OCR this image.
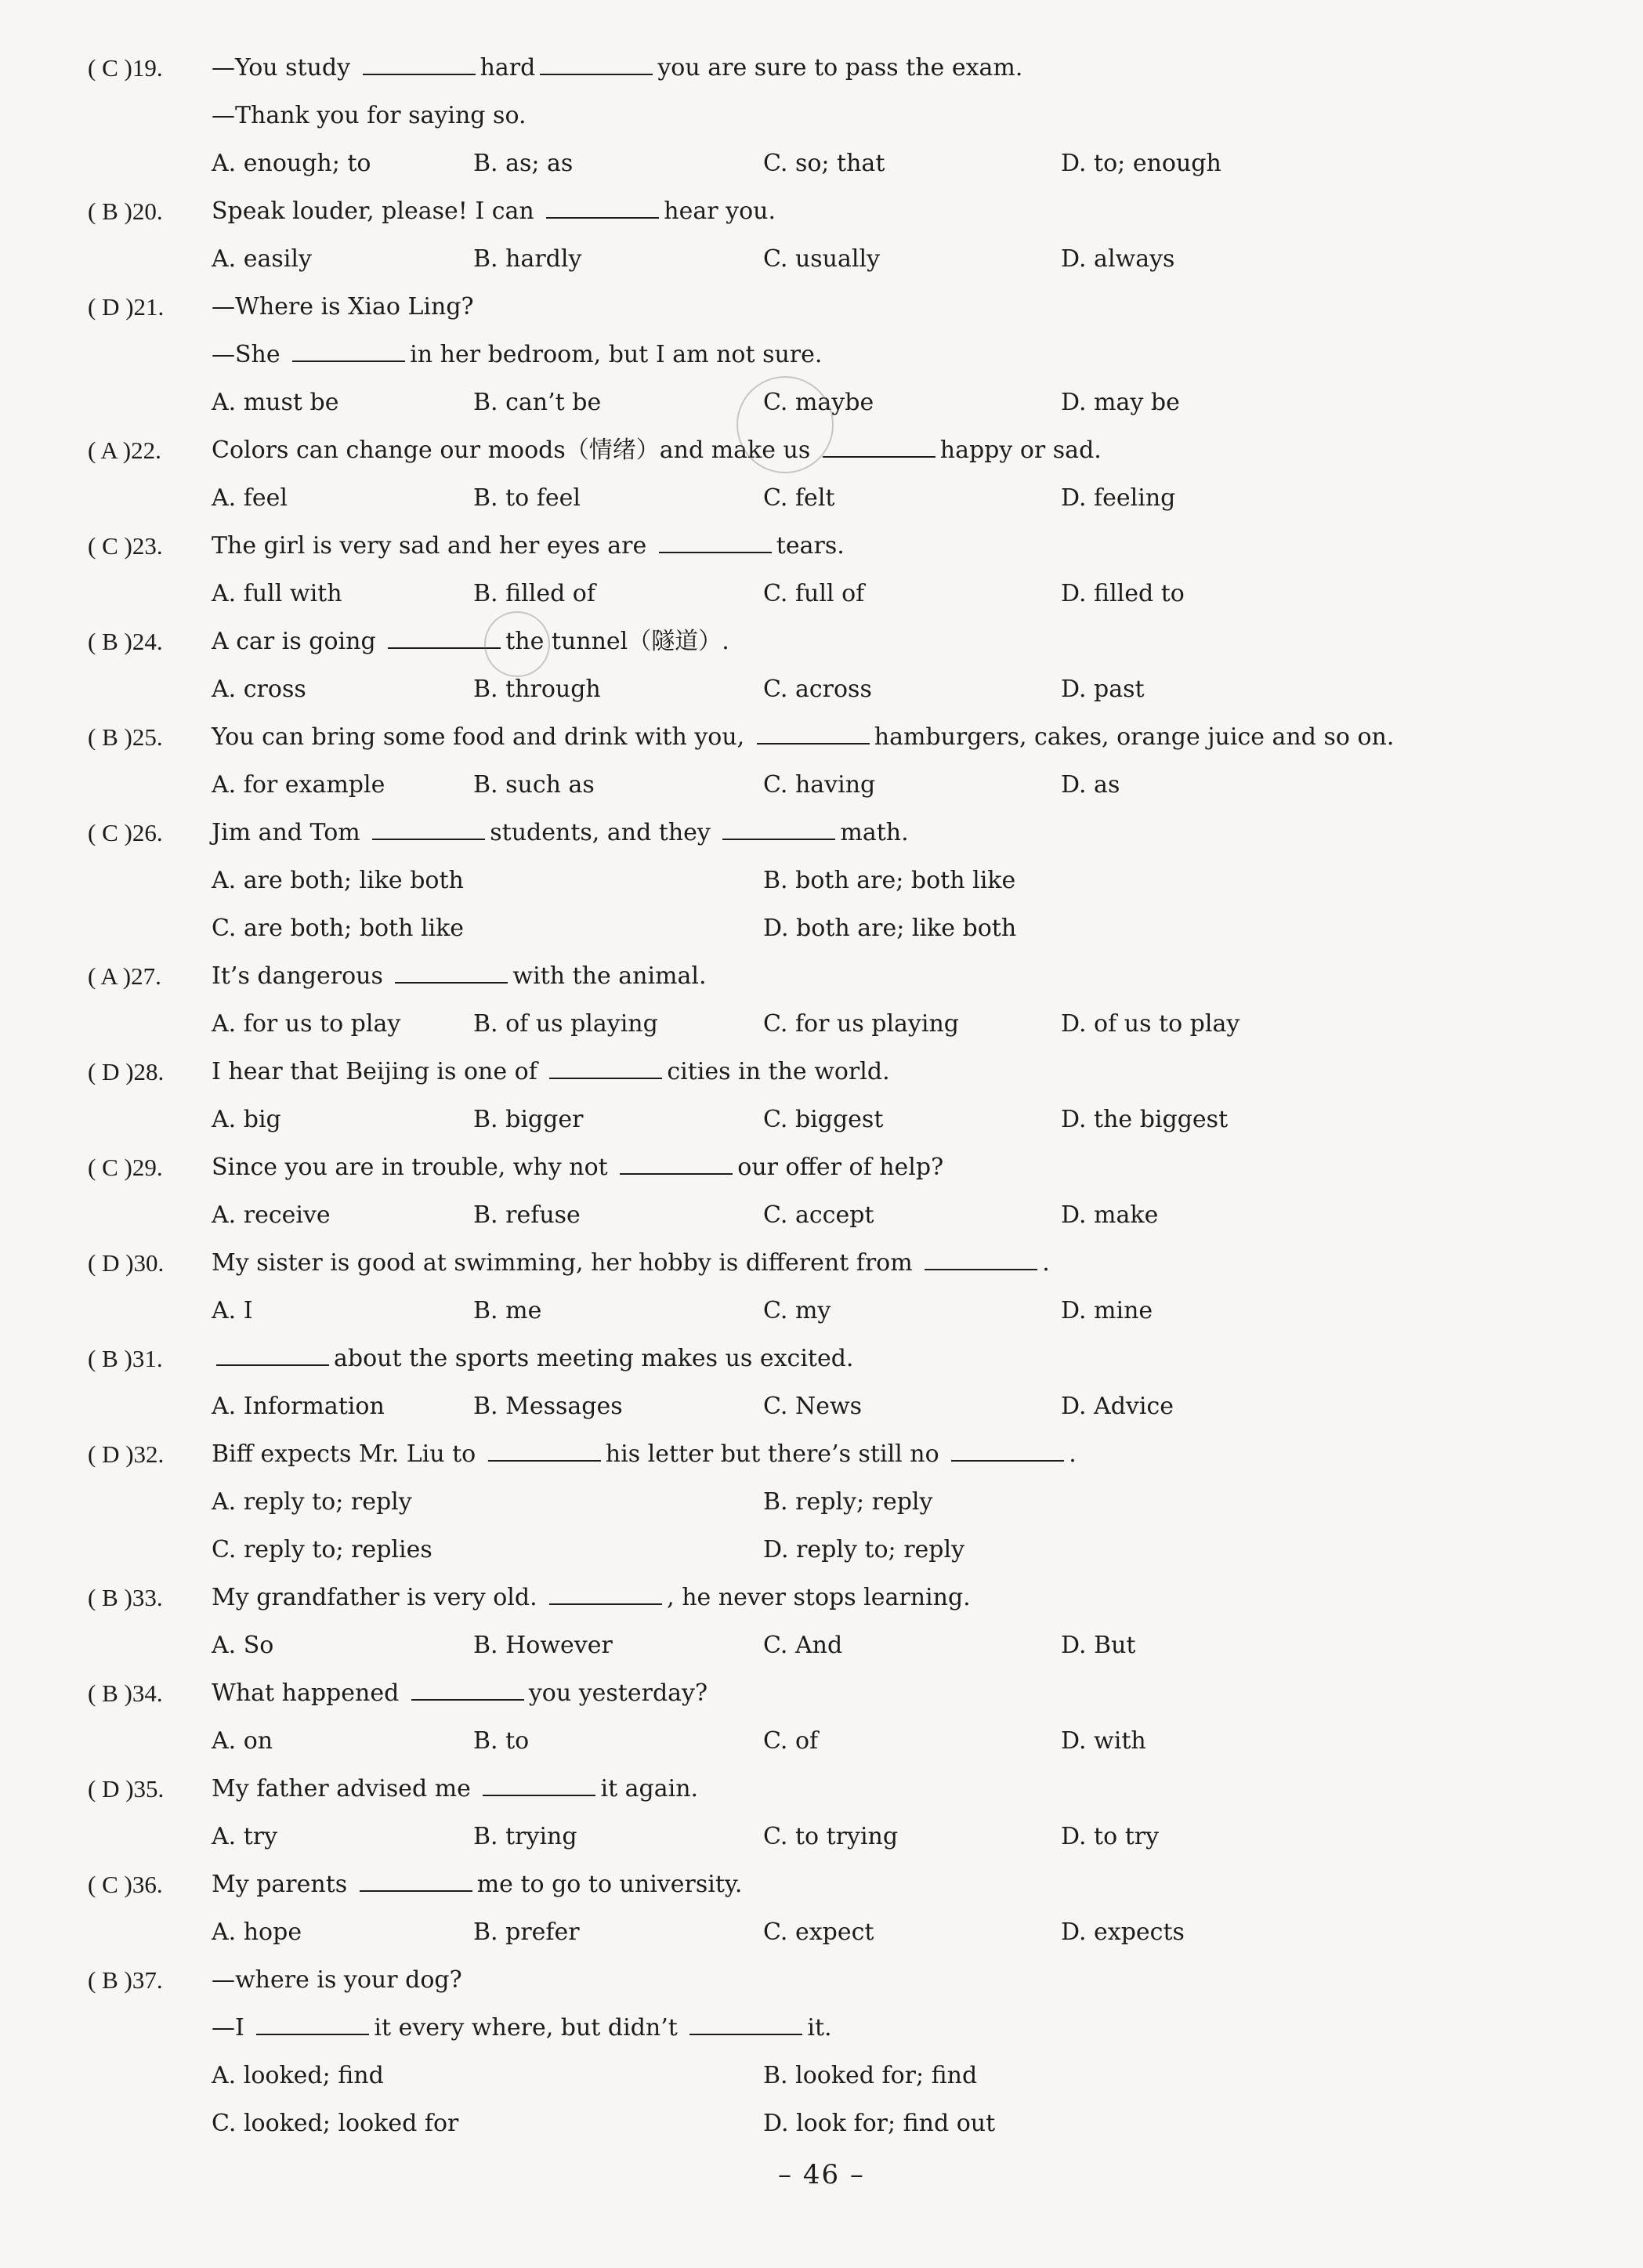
( C )19.	—You study	hard	you are sure to pass the exam.
—Thank you for saying so.
A. enough; to	B. as; as	C. so; that	D. to; enough
( B )20.	Speak louder, please! I can	hear you.
A. easily	B. hardly	C. usually	D. always
( D )21.	—Where is Xiao Ling?
—She	in her bedroom, but I am not sure.
A. must be	B. can’t be	C. maybe	D. may be
( A )22.	Colors can change our moods（情绪）and make us	happy or sad.
A. feel	B. to feel	C. felt	D. feeling
( C )23.	The girl is very sad and her eyes are	tears.
A. full with	B. filled of	C. full of	D. filled to
( B )24.	A car is going	the tunnel（隧道）.
A. cross	B. through	C. across	D. past
( B )25.	You can bring some food and drink with you,	hamburgers, cakes, orange juice and so on.
A. for example	B. such as	C. having	D. as
( C )26.	Jim and Tom	students, and they	math.
A. are both; like both	B. both are; both like
C. are both; both like	D. both are; like both
( A )27.	It’s dangerous	with the animal.
A. for us to play	B. of us playing	C. for us playing	D. of us to play
( D )28.	I hear that Beijing is one of	cities in the world.
A. big	B. bigger	C. biggest	D. the biggest
( C )29.	Since you are in trouble, why not	our offer of help?
A. receive	B. refuse	C. accept	D. make
( D )30.	My sister is good at swimming, her hobby is different from	.
A. I	B. me	C. my	D. mine
( B )31.	about the sports meeting makes us excited.
A. Information	B. Messages	C. News	D. Advice
( D )32.	Biff expects Mr. Liu to	his letter but there’s still no	.
A. reply to; reply	B. reply; reply
C. reply to; replies	D. reply to; reply
( B )33.	My grandfather is very old.	, he never stops learning.
A. So	B. However	C. And	D. But
( B )34.	What happened	you yesterday?
A. on	B. to	C. of	D. with
( D )35.	My father advised me	it again.
A. try	B. trying	C. to trying	D. to try
( C )36.	My parents	me to go to university.
A. hope	B. prefer	C. expect	D. expects
( B )37.	—where is your dog?
—I	it every where, but didn’t	it.
A. looked; find	B. looked for; find
C. looked; looked for	D. look for; find out
– 46 –
